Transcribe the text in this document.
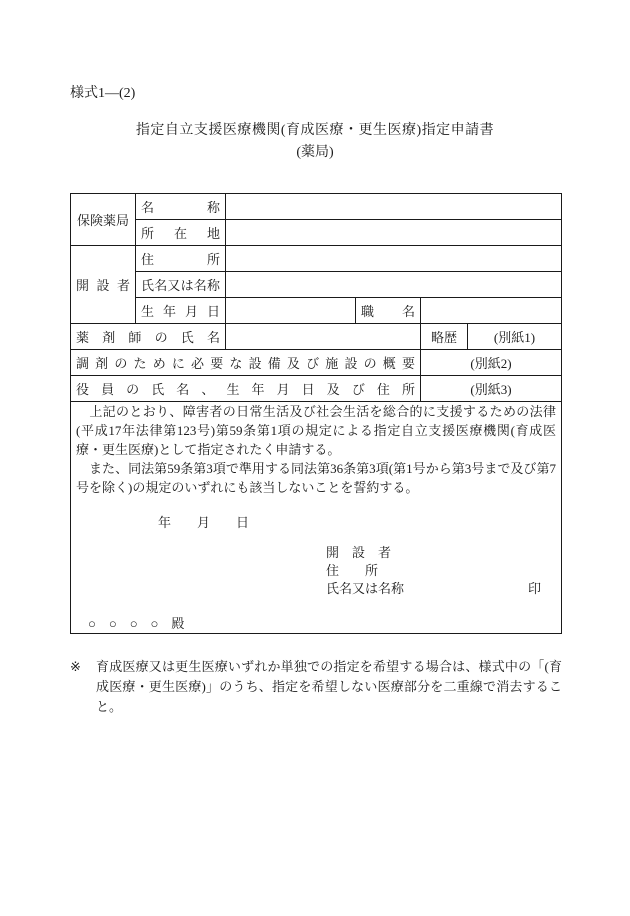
様式1―(2)
指定自立支援医療機関(育成医療・更生医療)指定申請書
(薬局)
保険薬局	名称				
	所在地				
開設者	住所				
	氏名又は名称				
	生年月日		職名		
薬剤師の氏名				略歴	(別紙1)
調剤のために必要な設備及び施設の概要				(別紙2)	
役員の氏名、生年月日及び住所				(別紙3)	

　上記のとおり、障害者の日常生活及び社会生活を総合的に支援するための法律(平成17年法律第123号)第59条第1項の規定による指定自立支援医療機関(育成医療・更生医療)として指定されたく申請する。

　また、同法第59条第3項で準用する同法第36条第3項(第1号から第3号まで及び第7号を除く)の規定のいずれにも該当しないことを誓約する。

年　　月　　日
開　設　者
住　　所
氏名又は名称	印
○　○　○　○　殿
※	育成医療又は更生医療いずれか単独での指定を希望する場合は、様式中の「(育成医療・更生医療)」のうち、指定を希望しない医療部分を二重線で消去すること。
